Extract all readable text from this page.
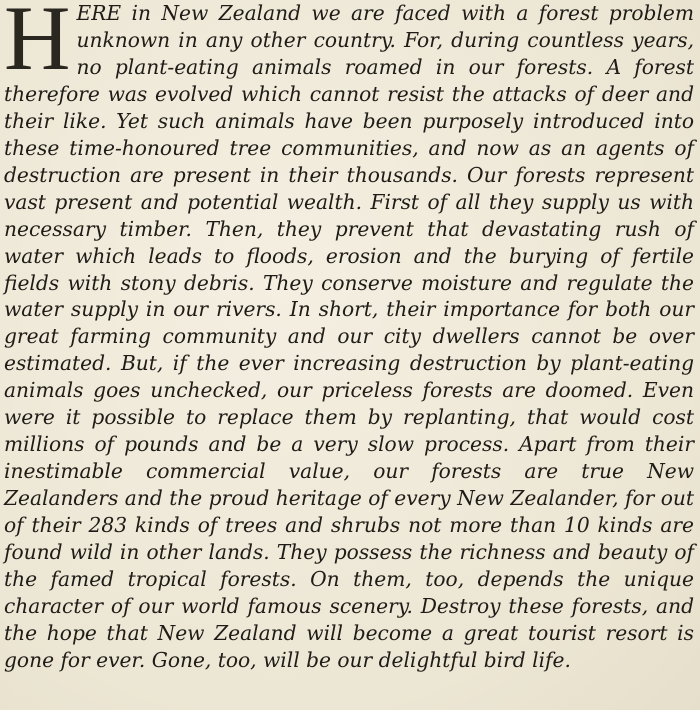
HERE in New Zealand we are faced with a forest problem unknown in any other country. For, during countless years, no plant-eating animals roamed in our forests. A forest therefore was evolved which cannot resist the attacks of deer and their like. Yet such animals have been purposely introduced into these time-honoured tree communities, and now as an agents of destruction are present in their thousands. Our forests represent vast present and potential wealth. First of all they supply us with necessary timber. Then, they prevent that devastating rush of water which leads to floods, erosion and the burying of fertile fields with stony debris. They conserve moisture and regulate the water supply in our rivers. In short, their importance for both our great farming community and our city dwellers cannot be over estimated. But, if the ever increasing destruction by plant-eating animals goes unchecked, our priceless forests are doomed. Even were it possible to replace them by replanting, that would cost millions of pounds and be a very slow process. Apart from their inestimable commercial value, our forests are true New Zealanders and the proud heritage of every New Zealander, for out of their 283 kinds of trees and shrubs not more than 10 kinds are found wild in other lands. They possess the richness and beauty of the famed tropical forests. On them, too, depends the unique character of our world famous scenery. Destroy these forests, and the hope that New Zealand will become a great tourist resort is gone for ever. Gone, too, will be our delightful bird life.
